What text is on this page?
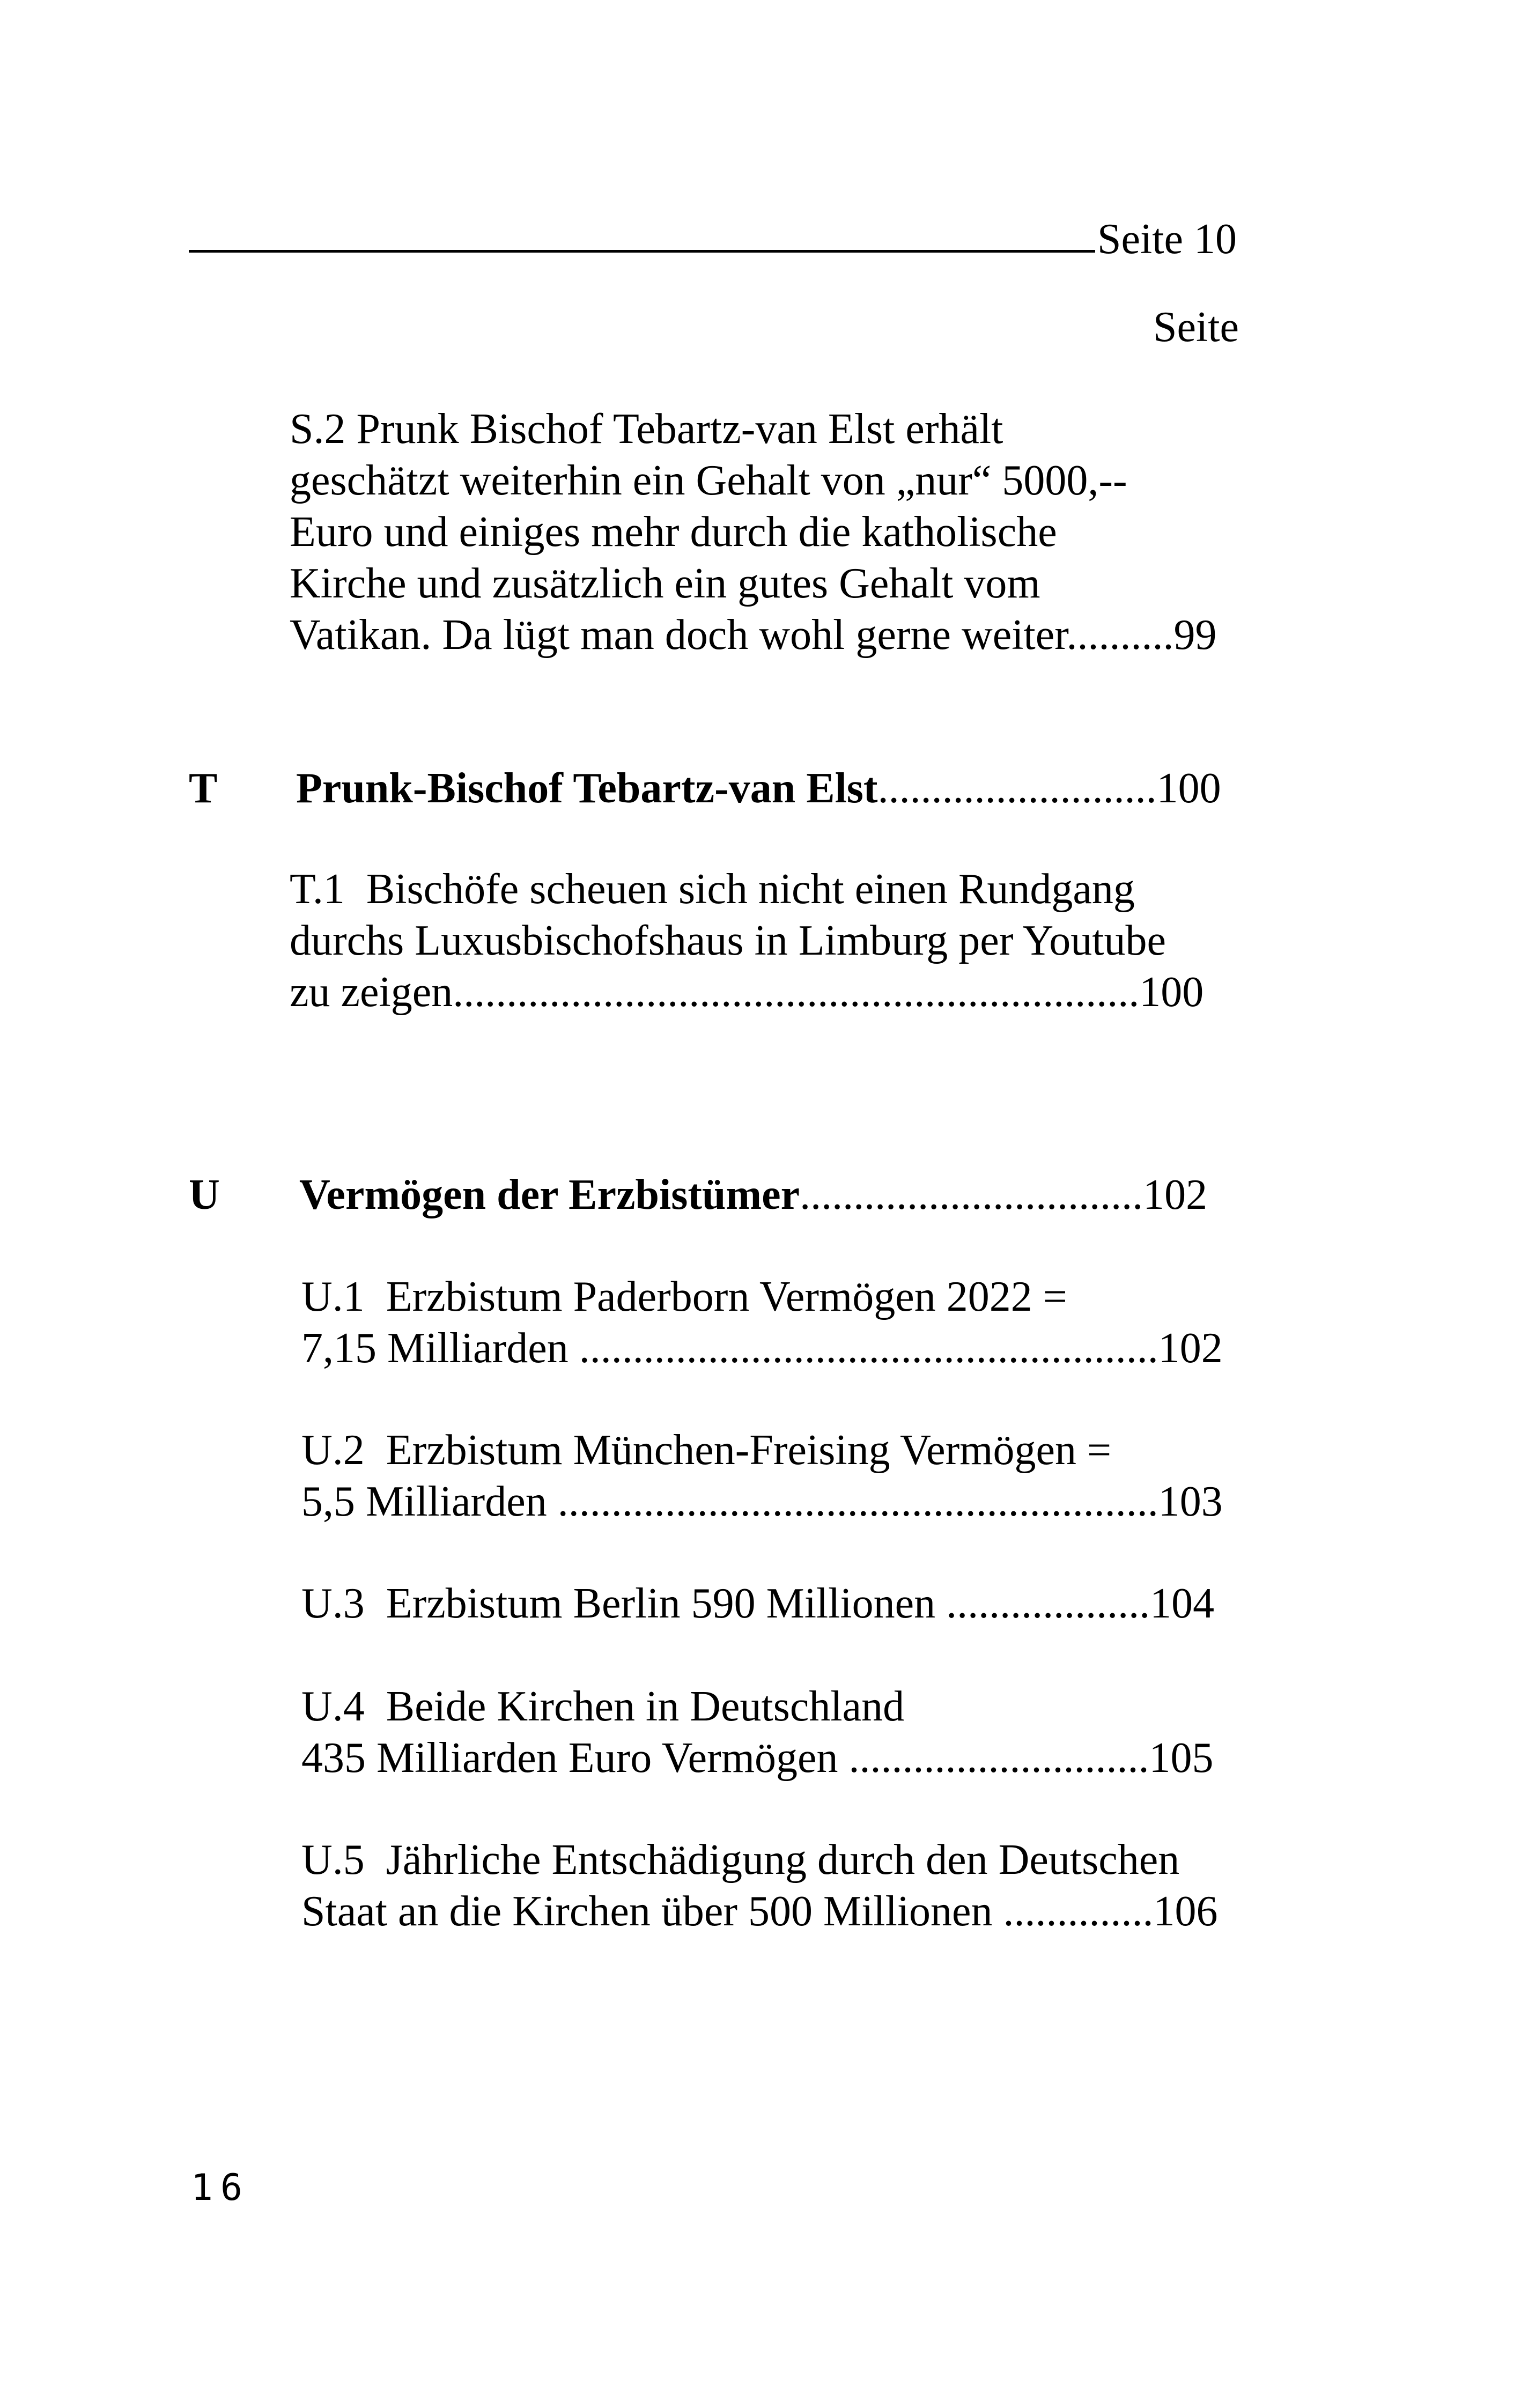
Seite 10
Seite
S.2 Prunk Bischof Tebartz-van Elst erhält
geschätzt weiterhin ein Gehalt von „nur“ 5000,--
Euro und einiges mehr durch die katholische
Kirche und zusätzlich ein gutes Gehalt vom
Vatikan. Da lügt man doch wohl gerne weiter..........99
T Prunk-Bischof Tebartz-van Elst..........................100
T.1  Bischöfe scheuen sich nicht einen Rundgang
durchs Luxusbischofshaus in Limburg per Youtube
zu zeigen................................................................100
U Vermögen der Erzbistümer................................102
U.1  Erzbistum Paderborn Vermögen 2022 =
7,15 Milliarden ......................................................102
U.2  Erzbistum München-Freising Vermögen =
5,5 Milliarden ........................................................103
U.3  Erzbistum Berlin 590 Millionen ...................104
U.4  Beide Kirchen in Deutschland
435 Milliarden Euro Vermögen ............................105
U.5  Jährliche Entschädigung durch den Deutschen
Staat an die Kirchen über 500 Millionen ..............106
16
